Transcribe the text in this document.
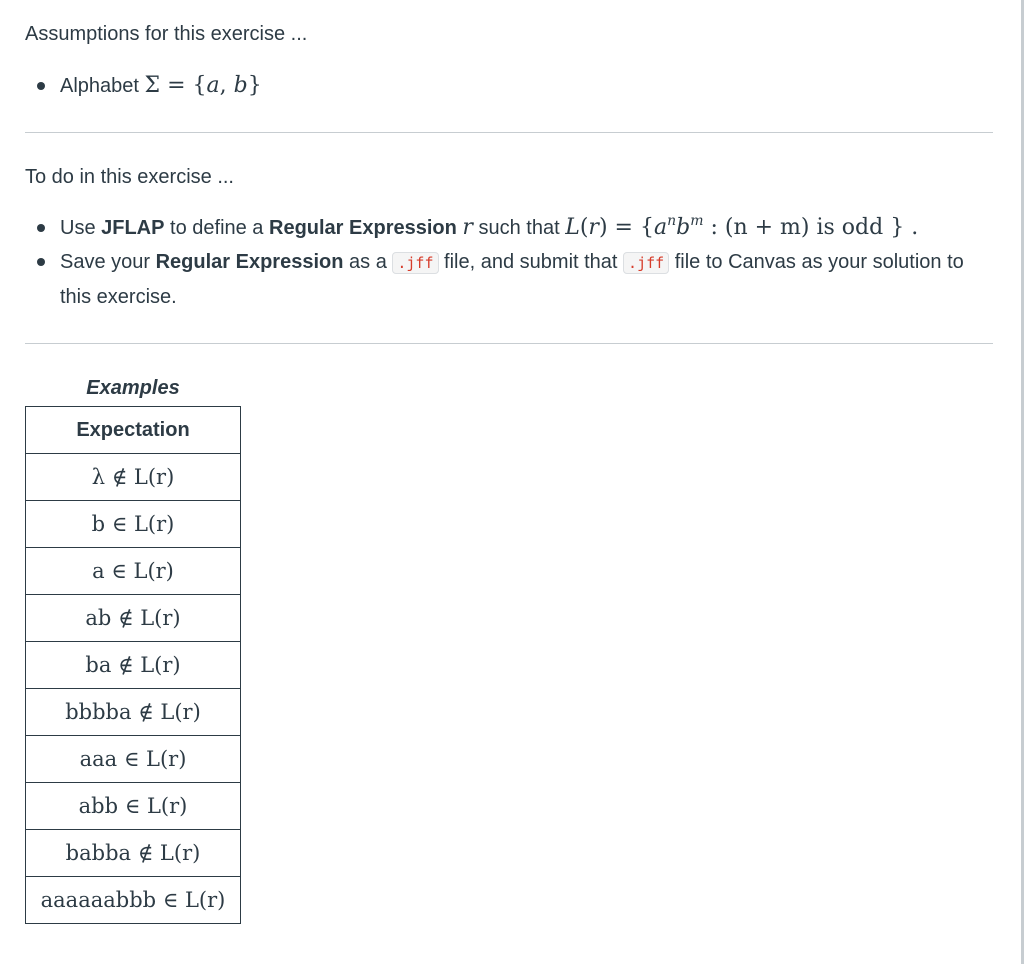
Assumptions for this exercise ...

Alphabet Σ = {a, b}

To do in this exercise ...

Use JFLAP to define a Regular Expression r such that $L(r) = \{a^nb^m$ : (n + m) is odd } .
Save your Regular Expression as a .jff file, and submit that .jff file to Canvas as your solution to this exercise.
Examples
Expectation
λ ∉ L(r)
b ∈ L(r)
a ∈ L(r)
ab ∉ L(r)
ba ∉ L(r)
bbbba ∉ L(r)
aaa ∈ L(r)
abb ∈ L(r)
babba ∉ L(r)
aaaaaabbb ∈ L(r)
